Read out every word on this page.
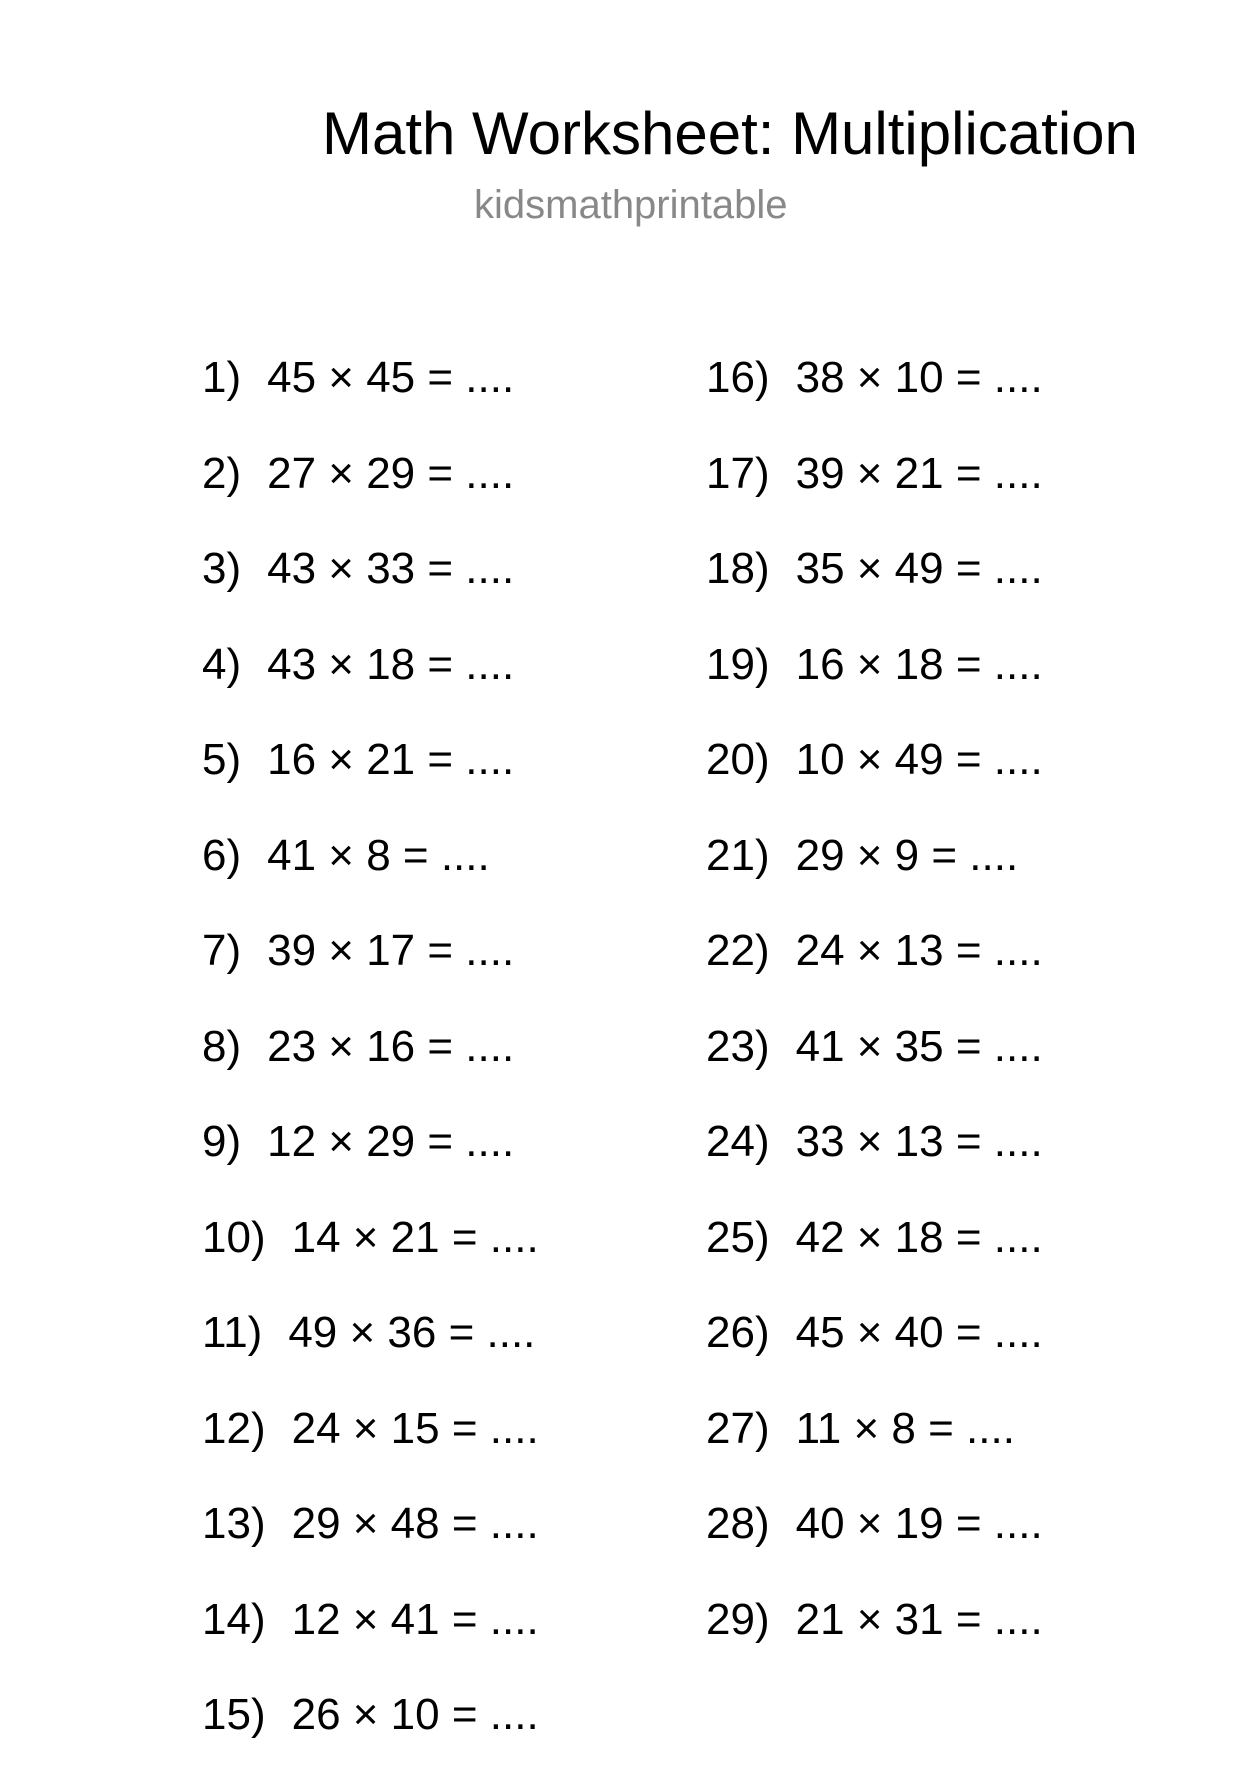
Math Worksheet: Multiplication
kidsmathprintable
1) 45 × 45 = ....
2) 27 × 29 = ....
3) 43 × 33 = ....
4) 43 × 18 = ....
5) 16 × 21 = ....
6) 41 × 8 = ....
7) 39 × 17 = ....
8) 23 × 16 = ....
9) 12 × 29 = ....
10) 14 × 21 = ....
11) 49 × 36 = ....
12) 24 × 15 = ....
13) 29 × 48 = ....
14) 12 × 41 = ....
15) 26 × 10 = ....
16) 38 × 10 = ....
17) 39 × 21 = ....
18) 35 × 49 = ....
19) 16 × 18 = ....
20) 10 × 49 = ....
21) 29 × 9 = ....
22) 24 × 13 = ....
23) 41 × 35 = ....
24) 33 × 13 = ....
25) 42 × 18 = ....
26) 45 × 40 = ....
27) 11 × 8 = ....
28) 40 × 19 = ....
29) 21 × 31 = ....
